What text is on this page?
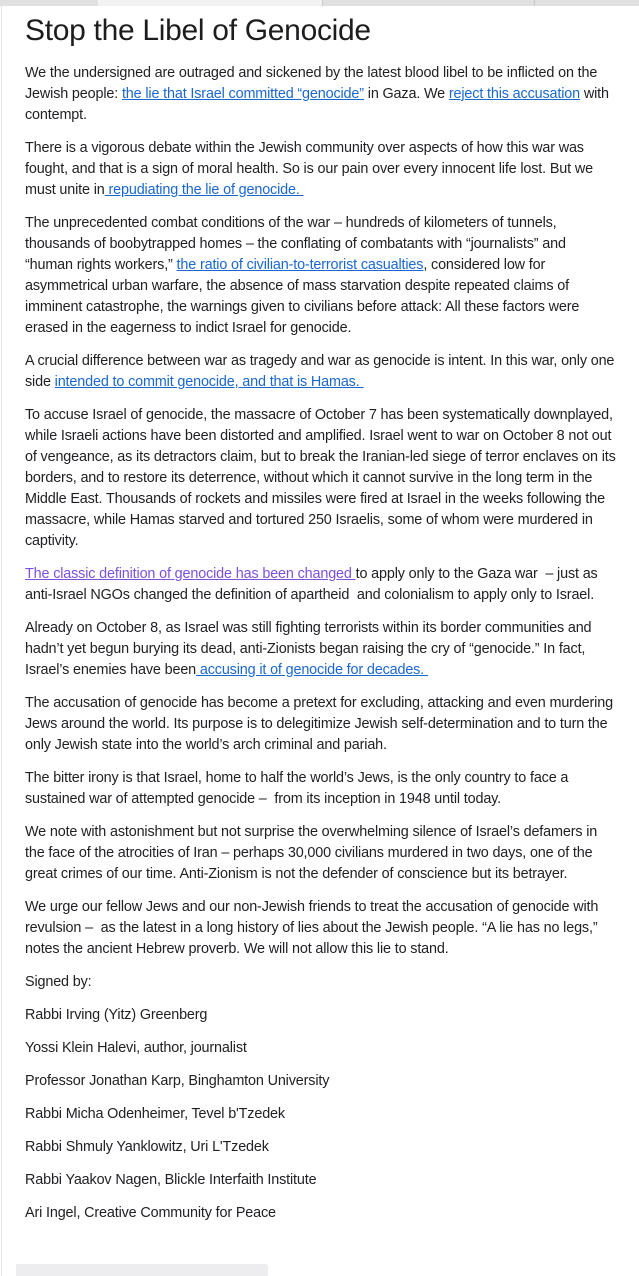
Stop the Libel of Genocide

We the undersigned are outraged and sickened by the latest blood libel to be inflicted on the Jewish people: the lie that Israel committed “genocide” in Gaza. We reject this accusation with contempt.

There is a vigorous debate within the Jewish community over aspects of how this war was fought, and that is a sign of moral health. So is our pain over every innocent life lost. But we must unite in repudiating the lie of genocide.

The unprecedented combat conditions of the war – hundreds of kilometers of tunnels, thousands of boobytrapped homes – the conflating of combatants with “journalists” and “human rights workers,” the ratio of civilian-to-terrorist casualties, considered low for asymmetrical urban warfare, the absence of mass starvation despite repeated claims of imminent catastrophe, the warnings given to civilians before attack: All these factors were erased in the eagerness to indict Israel for genocide.

A crucial difference between war as tragedy and war as genocide is intent. In this war, only one side intended to commit genocide, and that is Hamas.

To accuse Israel of genocide, the massacre of October 7 has been systematically downplayed, while Israeli actions have been distorted and amplified. Israel went to war on October 8 not out of vengeance, as its detractors claim, but to break the Iranian-led siege of terror enclaves on its borders, and to restore its deterrence, without which it cannot survive in the long term in the Middle East. Thousands of rockets and missiles were fired at Israel in the weeks following the massacre, while Hamas starved and tortured 250 Israelis, some of whom were murdered in captivity.

The classic definition of genocide has been changed to apply only to the Gaza war  – just as anti-Israel NGOs changed the definition of apartheid  and colonialism to apply only to Israel.

Already on October 8, as Israel was still fighting terrorists within its border communities and hadn’t yet begun burying its dead, anti-Zionists began raising the cry of “genocide.” In fact, Israel’s enemies have been accusing it of genocide for decades.

The accusation of genocide has become a pretext for excluding, attacking and even murdering Jews around the world. Its purpose is to delegitimize Jewish self-determination and to turn the only Jewish state into the world’s arch criminal and pariah.

The bitter irony is that Israel, home to half the world’s Jews, is the only country to face a sustained war of attempted genocide –  from its inception in 1948 until today.

We note with astonishment but not surprise the overwhelming silence of Israel’s defamers in the face of the atrocities of Iran – perhaps 30,000 civilians murdered in two days, one of the great crimes of our time. Anti-Zionism is not the defender of conscience but its betrayer.

We urge our fellow Jews and our non-Jewish friends to treat the accusation of genocide with revulsion –  as the latest in a long history of lies about the Jewish people. “A lie has no legs,” notes the ancient Hebrew proverb. We will not allow this lie to stand.

Signed by:

Rabbi Irving (Yitz) Greenberg

Yossi Klein Halevi, author, journalist

Professor Jonathan Karp, Binghamton University

Rabbi Micha Odenheimer, Tevel b'Tzedek

Rabbi Shmuly Yanklowitz, Uri L'Tzedek

Rabbi Yaakov Nagen, Blickle Interfaith Institute

Ari Ingel, Creative Community for Peace
